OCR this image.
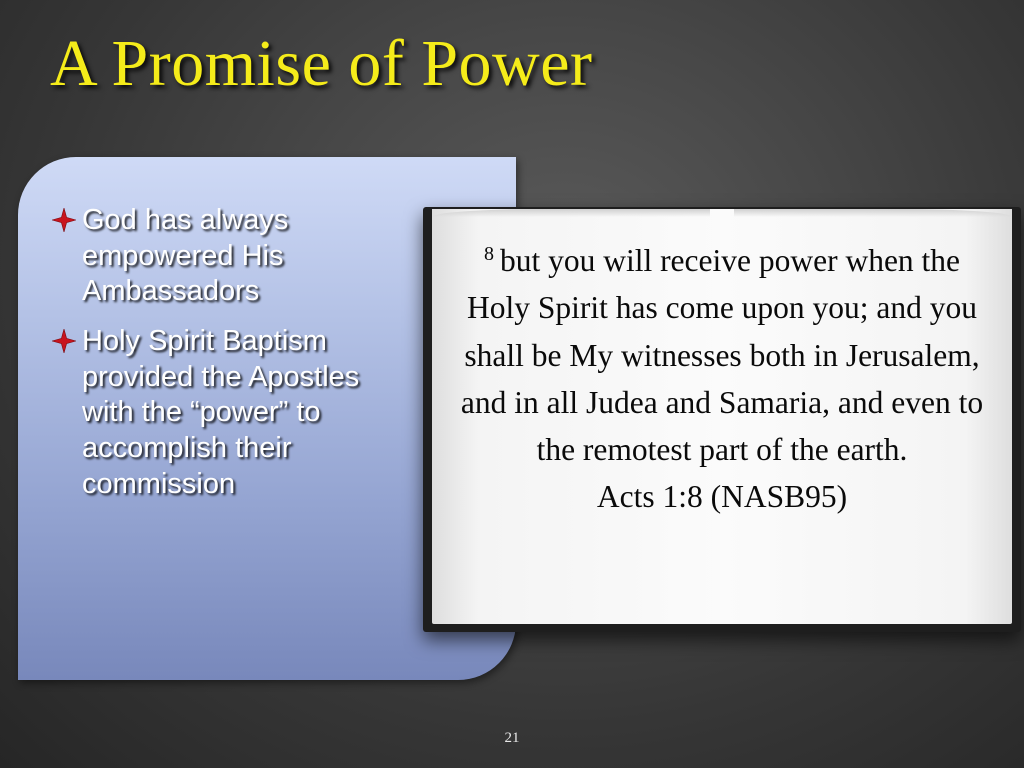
A Promise of Power
God has always empowered His Ambassadors
Holy Spirit Baptism provided the Apostles with the “power” to accomplish their commission
$^8$ but you will receive power when the Holy Spirit has come upon you; and you shall be My witnesses both in Jerusalem, and in all Judea and Samaria, and even to the remotest part of the earth.
Acts 1:8 (NASB95)
21
